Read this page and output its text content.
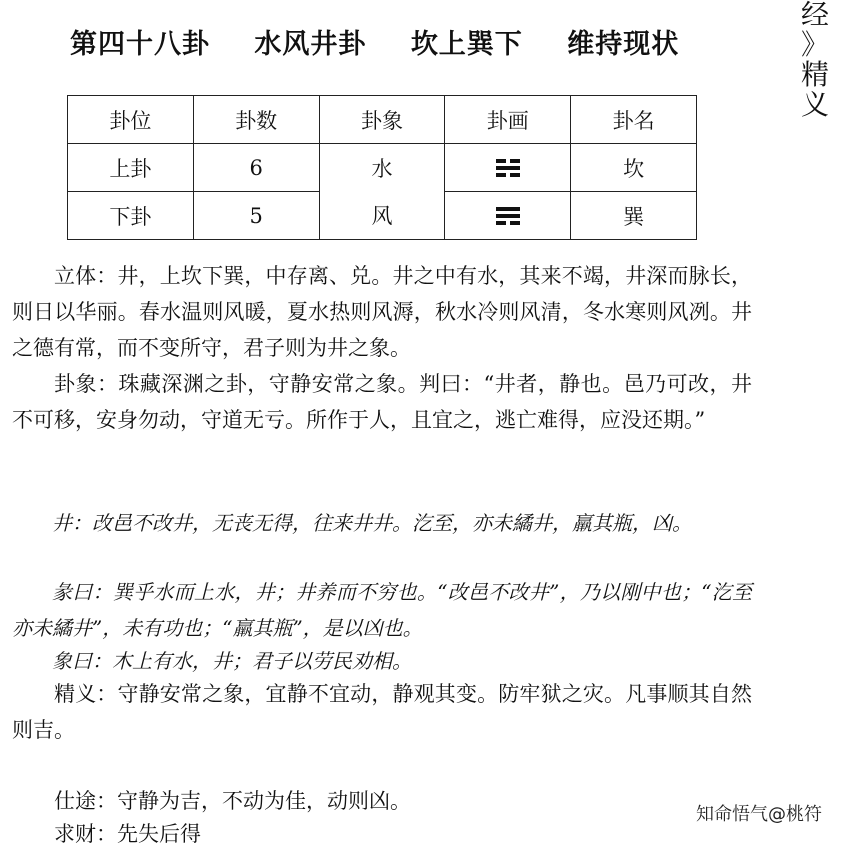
第四十八卦 水风井卦 坎上巽下 维持现状
经
》
精
义
卦位	卦数	卦象	卦画	卦名
上卦	6	水		坎
下卦	5	风		巽
立体：井，上坎下巽，中存离、兑。井之中有水，其来不竭，井深而脉长，则日以华丽。春水温则风暖，夏水热则风溽，秋水冷则风清，冬水寒则风冽。井之德有常，而不变所守，君子则为井之象。
卦象：珠藏深渊之卦，守静安常之象。判曰：“井者，静也。邑乃可改，井不可移，安身勿动，守道无亏。所作于人，且宜之，逃亡难得，应没还期。”
井：改邑不改井，无丧无得，往来井井。汔至，亦未繘井，羸其瓶，凶。
彖曰：巽乎水而上水，井；井养而不穷也。“改邑不改井”，乃以刚中也；“汔至亦未繘井”，未有功也；“羸其瓶”，是以凶也。
象曰：木上有水，井；君子以劳民劝相。
精义：守静安常之象，宜静不宜动，静观其变。防牢狱之灾。凡事顺其自然则吉。
仕途：守静为吉，不动为佳，动则凶。
求财：先失后得
知命悟气@桃符
